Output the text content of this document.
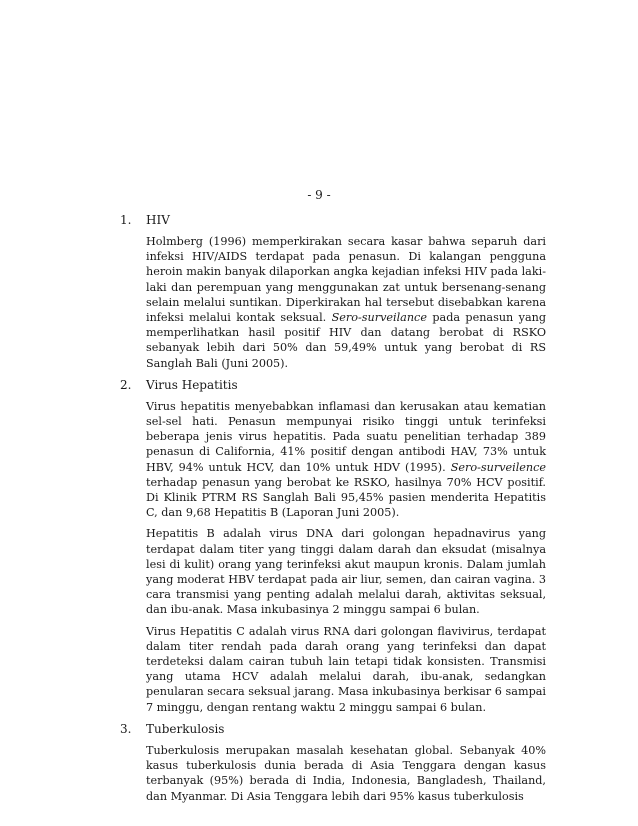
- 9 -
1.	HIV

Holmberg (1996) memperkirakan secara kasar bahwa separuh dari infeksi HIV/AIDS terdapat pada penasun. Di kalangan pengguna heroin makin banyak dilaporkan angka kejadian infeksi HIV pada laki-laki dan perempuan yang menggunakan zat untuk bersenang-senang selain melalui suntikan. Diperkirakan hal tersebut disebabkan karena infeksi melalui kontak seksual. Sero-surveilance pada penasun yang memperlihatkan hasil positif HIV dan datang berobat di RSKO sebanyak lebih dari 50% dan 59,49% untuk yang berobat di RS Sanglah Bali (Juni 2005).

2.	Virus Hepatitis

Virus hepatitis menyebabkan inflamasi dan kerusakan atau kematian sel-sel hati. Penasun mempunyai risiko tinggi untuk terinfeksi beberapa jenis virus hepatitis. Pada suatu penelitian terhadap 389 penasun di California, 41% positif dengan antibodi HAV, 73% untuk HBV, 94% untuk HCV, dan 10% untuk HDV (1995). Sero-surveilence terhadap penasun yang berobat ke RSKO, hasilnya 70% HCV positif. Di Klinik PTRM RS Sanglah Bali 95,45% pasien menderita Hepatitis C, dan 9,68 Hepatitis B (Laporan Juni 2005).

Hepatitis B adalah virus DNA dari golongan hepadnavirus yang terdapat dalam titer yang tinggi dalam darah dan eksudat (misalnya lesi di kulit) orang yang terinfeksi akut maupun kronis. Dalam jumlah yang moderat HBV terdapat pada air liur, semen, dan cairan vagina. 3 cara transmisi yang penting adalah melalui darah, aktivitas seksual, dan ibu-anak. Masa inkubasinya 2 minggu sampai 6 bulan.

Virus Hepatitis C adalah virus RNA dari golongan flavivirus, terdapat dalam titer rendah pada darah orang yang terinfeksi dan dapat terdeteksi dalam cairan tubuh lain tetapi tidak konsisten. Transmisi yang utama HCV adalah melalui darah, ibu-anak, sedangkan penularan secara seksual jarang. Masa inkubasinya berkisar 6 sampai 7 minggu, dengan rentang waktu 2 minggu sampai 6 bulan.

3.	Tuberkulosis

Tuberkulosis merupakan masalah kesehatan global. Sebanyak 40% kasus tuberkulosis dunia berada di Asia Tenggara dengan kasus terbanyak (95%) berada di India, Indonesia, Bangladesh, Thailand, dan Myanmar. Di Asia Tenggara lebih dari 95% kasus tuberkulosis
